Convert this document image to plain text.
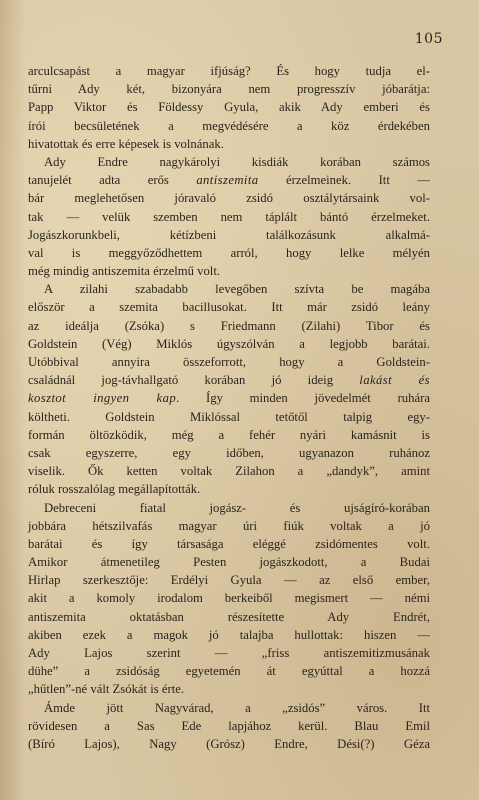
105
arculcsapást a magyar ifjúság? És hogy tudja el-
tűrni Ady két, bizonyára nem progresszív jóbarátja:
Papp Viktor és Földessy Gyula, akik Ady emberi és
írói becsületének a megvédésére a köz érdekében
hivatottak és erre képesek is volnának.
Ady Endre nagykárolyi kisdiák korában számos
tanujelét adta erős antiszemita érzelmeinek. Itt —
bár meglehetősen jóravaló zsidó osztálytársaink vol-
tak — velük szemben nem táplált bántó érzelmeket.
Jogászkorunkbeli, kétízbeni találkozásunk alkalmá-
val is meggyőződhettem arról, hogy lelke mélyén
még mindig antiszemita érzelmű volt.
A zilahi szabadabb levegőben szívta be magába
először a szemita bacillusokat. Itt már zsidó leány
az ideálja (Zsóka) s Friedmann (Zilahi) Tibor és
Goldstein (Vég) Miklós úgyszólván a legjobb barátai.
Utóbbival annyira összeforrott, hogy a Goldstein-
családnál jog-távhallgató korában jó ideig lakást és
kosztot ingyen kap. Így minden jövedelmét ruhára
költheti. Goldstein Miklóssal tetőtől talpig egy-
formán öltözködik, még a fehér nyári kamásnit is
csak egyszerre, egy időben, ugyanazon ruhánoz
viselik. Ők ketten voltak Zilahon a „dandyk”, amint
róluk rosszalólag megállapították.
Debreceni fiatal jogász- és ujságíró-korában
jobbára hétszilvafás magyar úri fiúk voltak a jó
barátai és így társasága eléggé zsidómentes volt.
Amikor átmenetileg Pesten jogászkodott, a Budai
Hirlap szerkesztője: Erdélyi Gyula — az első ember,
akit a komoly irodalom berkeiből megismert — némi
antiszemita oktatásban részesítette Ady Endrét,
akiben ezek a magok jó talajba hullottak: hiszen —
Ady Lajos szerint — „friss antiszemitizmusának
dühe” a zsidóság egyetemén át egyúttal a hozzá
„hűtlen”-né vált Zsókát is érte.
Ámde jött Nagyvárad, a „zsidós” város. Itt
rövidesen a Sas Ede lapjához kerül. Blau Emil
(Bíró Lajos), Nagy (Grósz) Endre, Dési(?) Géza
